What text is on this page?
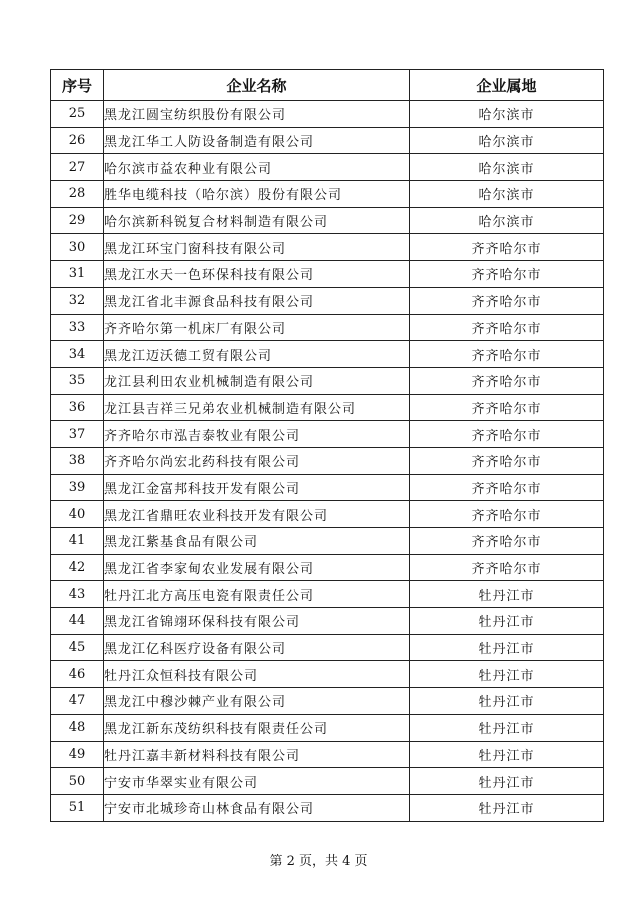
序号	企业名称	企业属地
25	黑龙江圆宝纺织股份有限公司	哈尔滨市
26	黑龙江华工人防设备制造有限公司	哈尔滨市
27	哈尔滨市益农种业有限公司	哈尔滨市
28	胜华电缆科技（哈尔滨）股份有限公司	哈尔滨市
29	哈尔滨新科锐复合材料制造有限公司	哈尔滨市
30	黑龙江环宝门窗科技有限公司	齐齐哈尔市
31	黑龙江水天一色环保科技有限公司	齐齐哈尔市
32	黑龙江省北丰源食品科技有限公司	齐齐哈尔市
33	齐齐哈尔第一机床厂有限公司	齐齐哈尔市
34	黑龙江迈沃德工贸有限公司	齐齐哈尔市
35	龙江县利田农业机械制造有限公司	齐齐哈尔市
36	龙江县吉祥三兄弟农业机械制造有限公司	齐齐哈尔市
37	齐齐哈尔市泓吉泰牧业有限公司	齐齐哈尔市
38	齐齐哈尔尚宏北药科技有限公司	齐齐哈尔市
39	黑龙江金富邦科技开发有限公司	齐齐哈尔市
40	黑龙江省鼎旺农业科技开发有限公司	齐齐哈尔市
41	黑龙江紫基食品有限公司	齐齐哈尔市
42	黑龙江省李家甸农业发展有限公司	齐齐哈尔市
43	牡丹江北方高压电瓷有限责任公司	牡丹江市
44	黑龙江省锦翊环保科技有限公司	牡丹江市
45	黑龙江亿科医疗设备有限公司	牡丹江市
46	牡丹江众恒科技有限公司	牡丹江市
47	黑龙江中穆沙棘产业有限公司	牡丹江市
48	黑龙江新东茂纺织科技有限责任公司	牡丹江市
49	牡丹江嘉丰新材料科技有限公司	牡丹江市
50	宁安市华翠实业有限公司	牡丹江市
51	宁安市北城珍奇山林食品有限公司	牡丹江市
第 2 页，共 4 页
